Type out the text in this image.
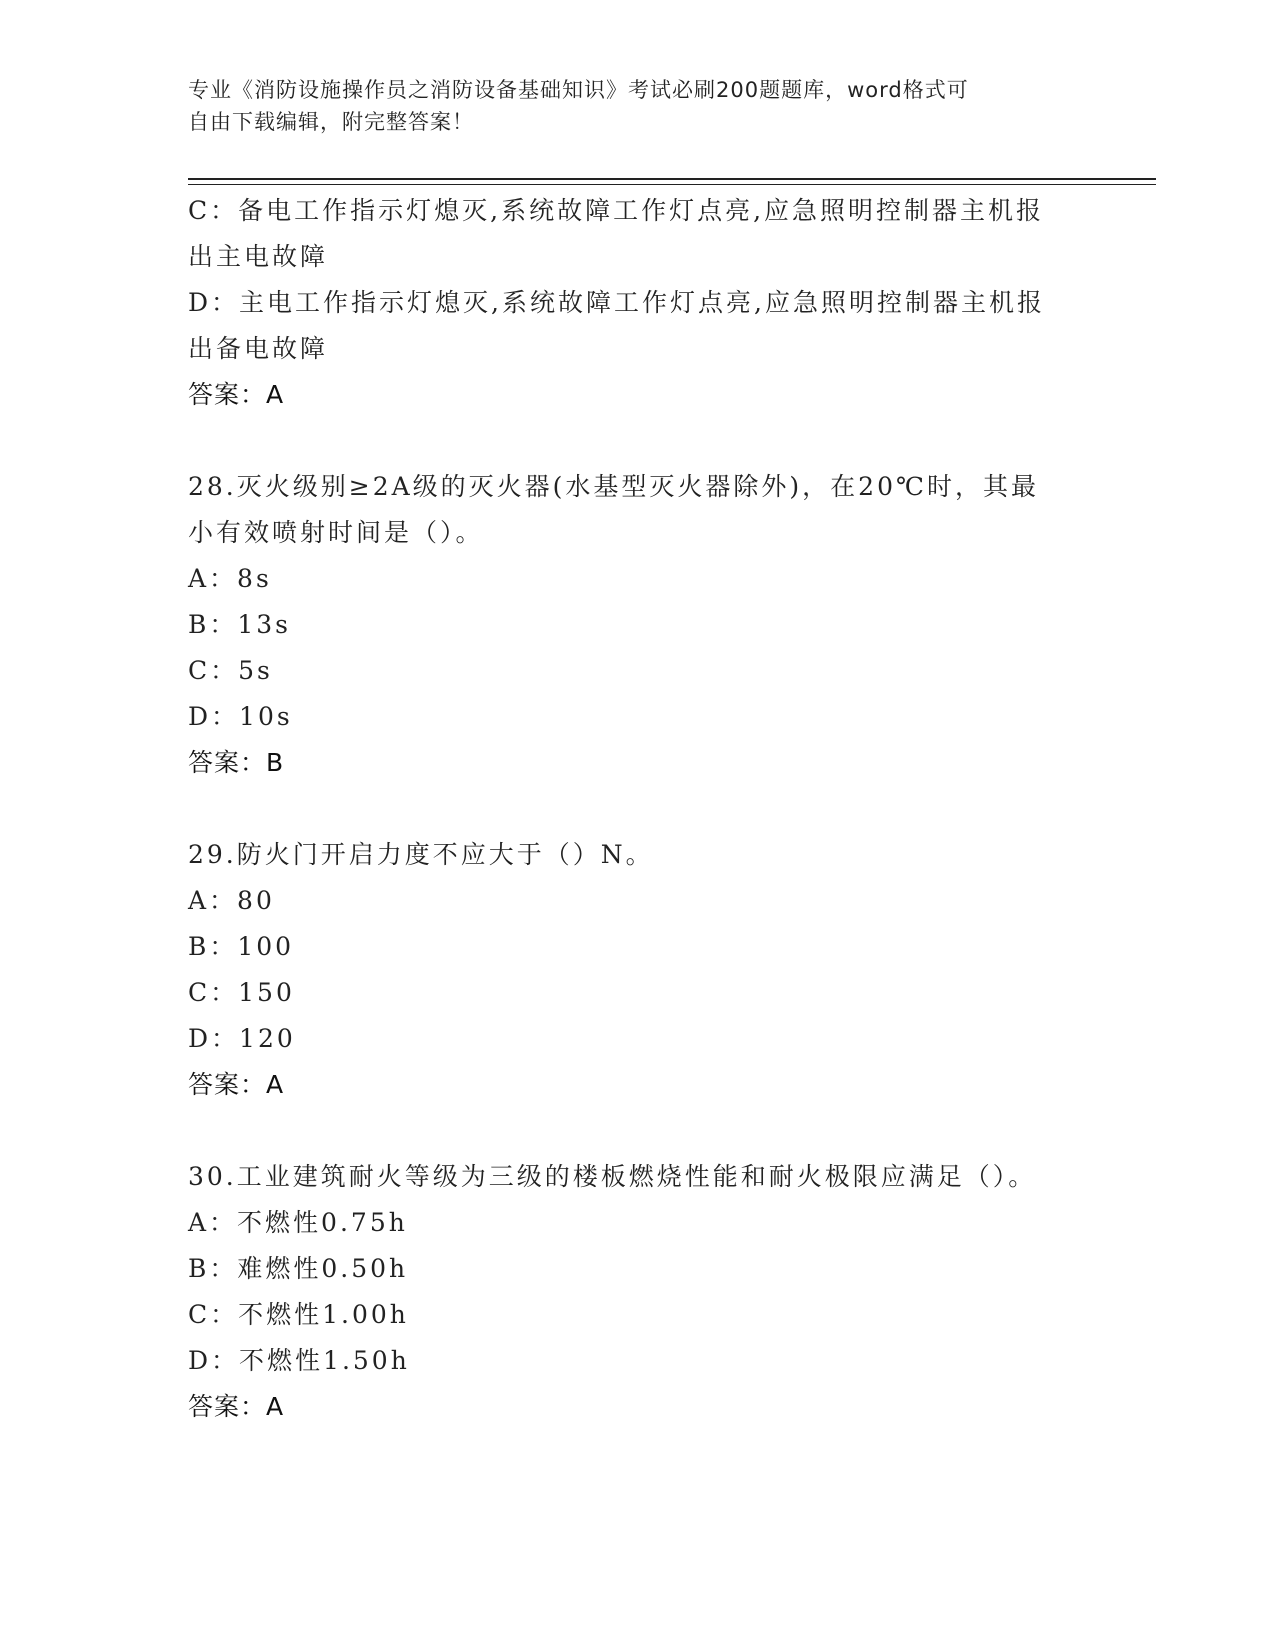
专业《消防设施操作员之消防设备基础知识》考试必刷200题题库，word格式可
自由下载编辑，附完整答案！
C：备电工作指示灯熄灭,系统故障工作灯点亮,应急照明控制器主机报
出主电故障
D：主电工作指示灯熄灭,系统故障工作灯点亮,应急照明控制器主机报
出备电故障
答案：A
28.灭火级别≥2A级的灭火器(水基型灭火器除外)，在20℃时，其最
小有效喷射时间是（）。
A：8s
B：13s
C：5s
D：10s
答案：B
29.防火门开启力度不应大于（）N。
A：80
B：100
C：150
D：120
答案：A
30.工业建筑耐火等级为三级的楼板燃烧性能和耐火极限应满足（）。
A：不燃性0.75h
B：难燃性0.50h
C：不燃性1.00h
D：不燃性1.50h
答案：A
